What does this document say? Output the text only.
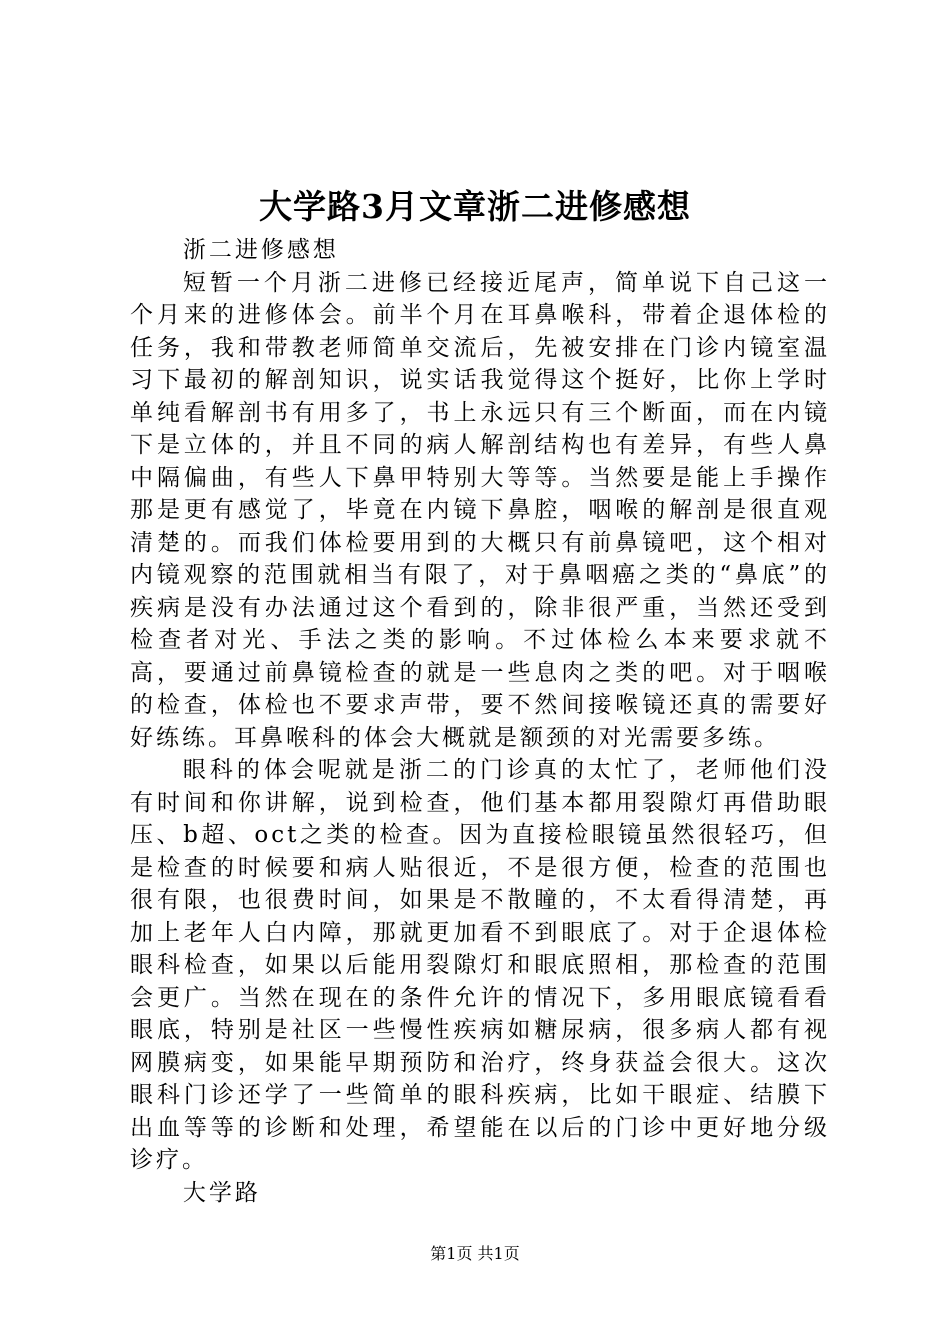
大学路3月文章浙二进修感想

浙二进修感想

短暂一个月浙二进修已经接近尾声，简单说下自己这一个月来的进修体会。前半个月在耳鼻喉科，带着企退体检的任务，我和带教老师简单交流后，先被安排在门诊内镜室温习下最初的解剖知识，说实话我觉得这个挺好，比你上学时单纯看解剖书有用多了，书上永远只有三个断面，而在内镜下是立体的，并且不同的病人解剖结构也有差异，有些人鼻中隔偏曲，有些人下鼻甲特别大等等。当然要是能上手操作那是更有感觉了，毕竟在内镜下鼻腔，咽喉的解剖是很直观清楚的。而我们体检要用到的大概只有前鼻镜吧，这个相对内镜观察的范围就相当有限了，对于鼻咽癌之类的“鼻底”的疾病是没有办法通过这个看到的，除非很严重，当然还受到检查者对光、手法之类的影响。不过体检么本来要求就不高，要通过前鼻镜检查的就是一些息肉之类的吧。对于咽喉的检查，体检也不要求声带，要不然间接喉镜还真的需要好好练练。耳鼻喉科的体会大概就是额颈的对光需要多练。

眼科的体会呢就是浙二的门诊真的太忙了，老师他们没有时间和你讲解，说到检查，他们基本都用裂隙灯再借助眼压、b超、oct之类的检查。因为直接检眼镜虽然很轻巧，但是检查的时候要和病人贴很近，不是很方便，检查的范围也很有限，也很费时间，如果是不散瞳的，不太看得清楚，再加上老年人白内障，那就更加看不到眼底了。对于企退体检眼科检查，如果以后能用裂隙灯和眼底照相，那检查的范围会更广。当然在现在的条件允许的情况下，多用眼底镜看看眼底，特别是社区一些慢性疾病如糖尿病，很多病人都有视网膜病变，如果能早期预防和治疗，终身获益会很大。这次眼科门诊还学了一些简单的眼科疾病，比如干眼症、结膜下出血等等的诊断和处理，希望能在以后的门诊中更好地分级诊疗。

大学路

第1页 共1页
